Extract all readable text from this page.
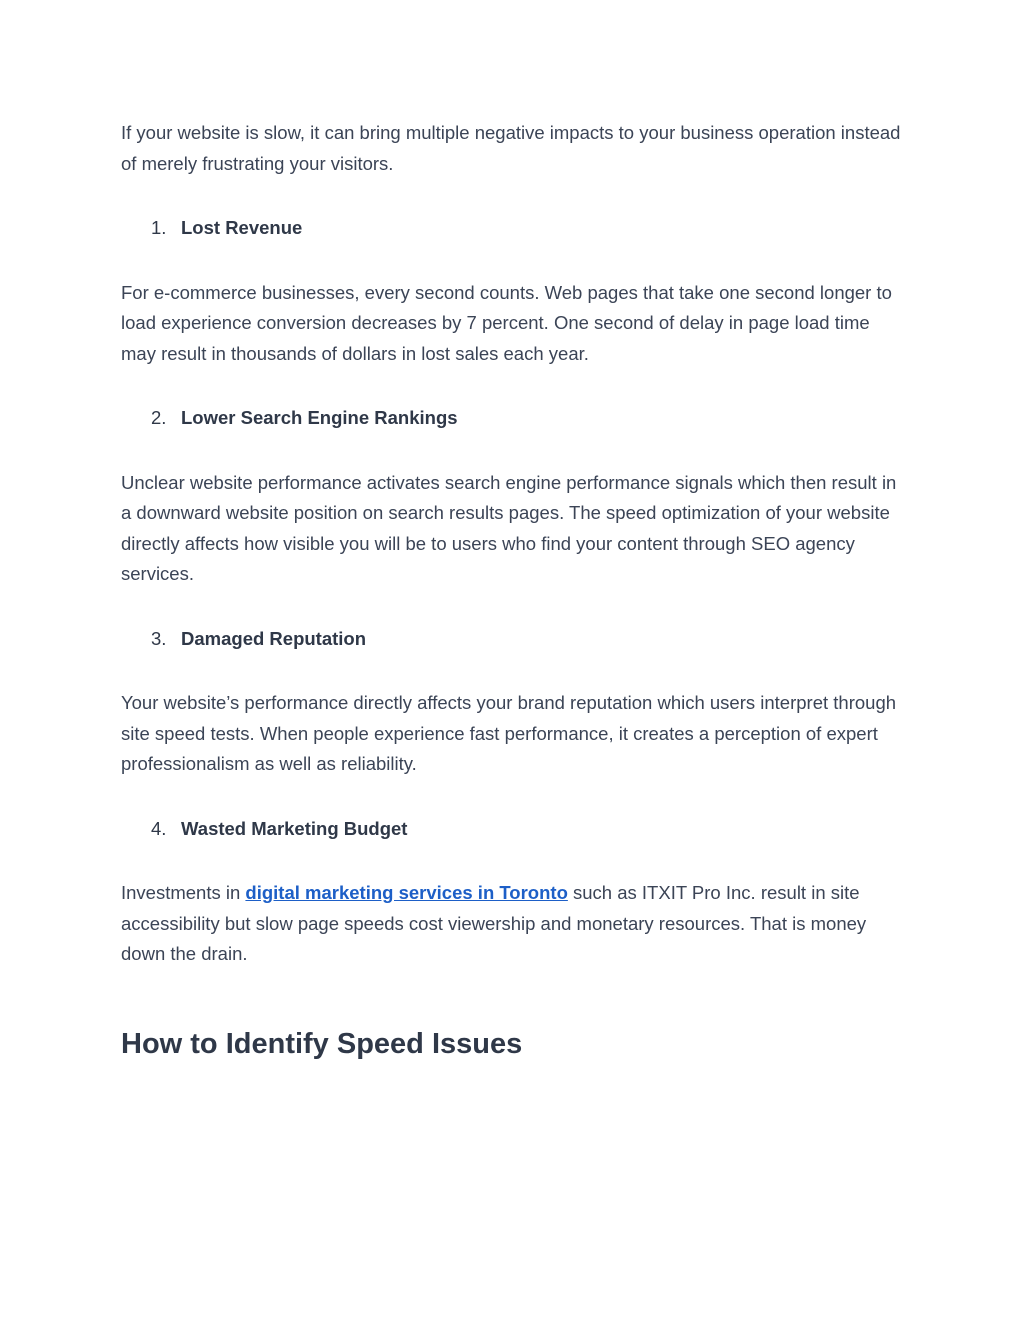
If your website is slow, it can bring multiple negative impacts to your business operation instead of merely frustrating your visitors.

1. Lost Revenue

For e-commerce businesses, every second counts. Web pages that take one second longer to load experience conversion decreases by 7 percent. One second of delay in page load time may result in thousands of dollars in lost sales each year.

2. Lower Search Engine Rankings

Unclear website performance activates search engine performance signals which then result in a downward website position on search results pages. The speed optimization of your website directly affects how visible you will be to users who find your content through SEO agency services.

3. Damaged Reputation

Your website’s performance directly affects your brand reputation which users interpret through site speed tests. When people experience fast performance, it creates a perception of expert professionalism as well as reliability.

4. Wasted Marketing Budget

Investments in digital marketing services in Toronto such as ITXIT Pro Inc. result in site accessibility but slow page speeds cost viewership and monetary resources. That is money down the drain.

How to Identify Speed Issues
